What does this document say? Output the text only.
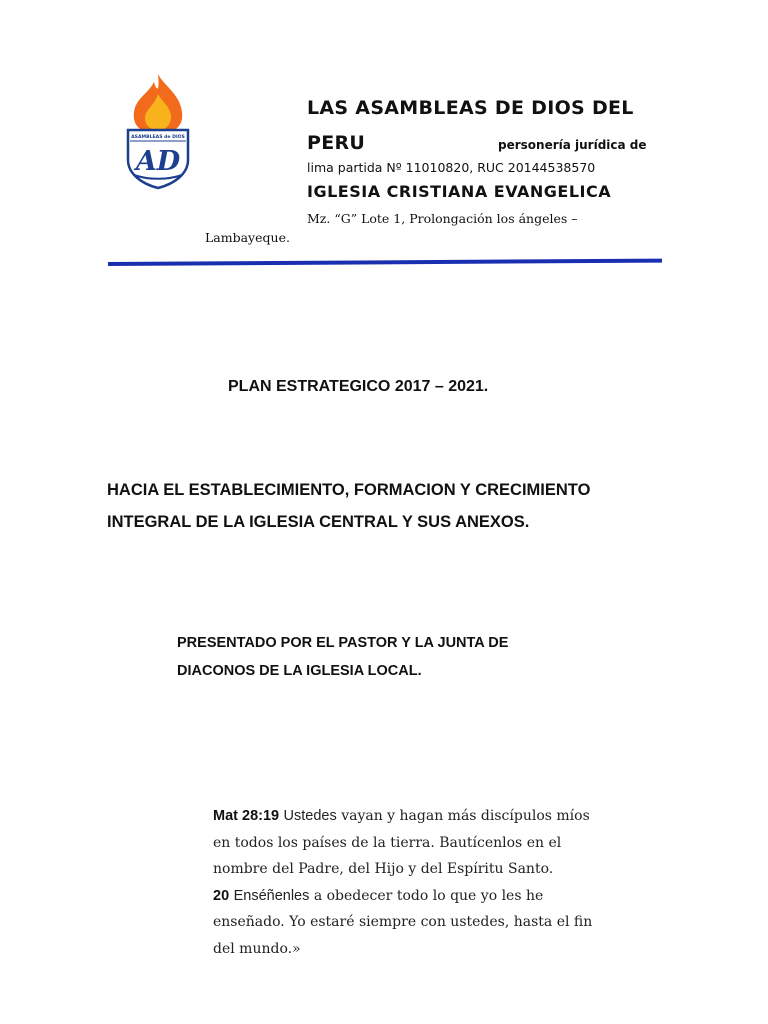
ASAMBLEAS de DIOS
AD
LAS ASAMBLEAS DE DIOS DEL
PERU	personería jurídica de
lima partida Nº 11010820, RUC 20144538570
IGLESIA CRISTIANA EVANGELICA
Mz. “G” Lote 1, Prolongación los ángeles –
Lambayeque.
PLAN ESTRATEGICO 2017 – 2021.
HACIA EL ESTABLECIMIENTO, FORMACION Y CRECIMIENTO
INTEGRAL DE LA IGLESIA CENTRAL Y SUS ANEXOS.
PRESENTADO POR EL PASTOR Y LA JUNTA DE
DIACONOS DE LA IGLESIA LOCAL.
Mat 28:19 Ustedes vayan y hagan más discípulos míos
en todos los países de la tierra. Bautícenlos en el
nombre del Padre, del Hijo y del Espíritu Santo.
20 Enséñenles a obedecer todo lo que yo les he
enseñado. Yo estaré siempre con ustedes, hasta el fin
del mundo.»
